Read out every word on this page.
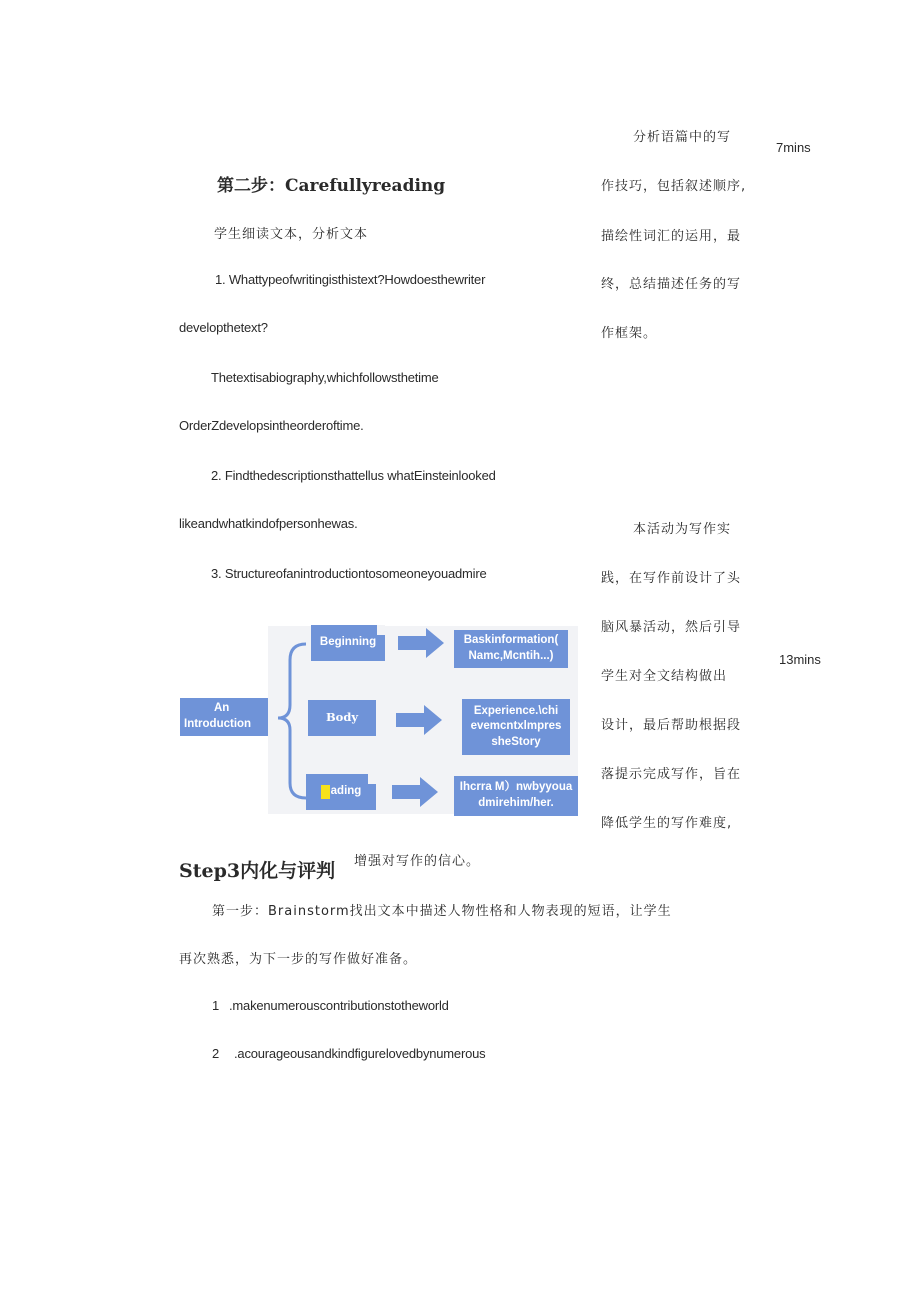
第二步：Carefullyreading
学生细读文本，分析文本
1. Whattypeofwritingisthistext?Howdoesthewriter
developthetext?
Thetextisabiography,whichfollowsthetime
OrderZdevelopsintheorderoftime.
2. Findthedescriptionsthattellus whatEinsteinlooked
likeandwhatkindofpersonhewas.
3. Structureofanintroductiontosomeoneyouadmire
An
Introduction
Beginning
Body
ading
Baskinformation(
Namc,Mcntih...)
Experience.\chi
evemcntxlmpres
sheStory
Ihcrra M）nwbyyoua
dmirehim/her.
Step3内化与评判
第一步：Brainstorm找出文本中描述人物性格和人物表现的短语，让学生
再次熟悉，为下一步的写作做好准备。
1 .makenumerouscontributionstotheworld
2 .acourageousandkindfigurelovedbynumerous
分析语篇中的写
作技巧，包括叙述顺序,
描绘性词汇的运用，最
终，总结描述任务的写
作框架。
7mins
本活动为写作实
践，在写作前设计了头
脑风暴活动，然后引导
学生对全文结构做出
设计，最后帮助根据段
落提示完成写作，旨在
降低学生的写作难度,
增强对写作的信心。
13mins
